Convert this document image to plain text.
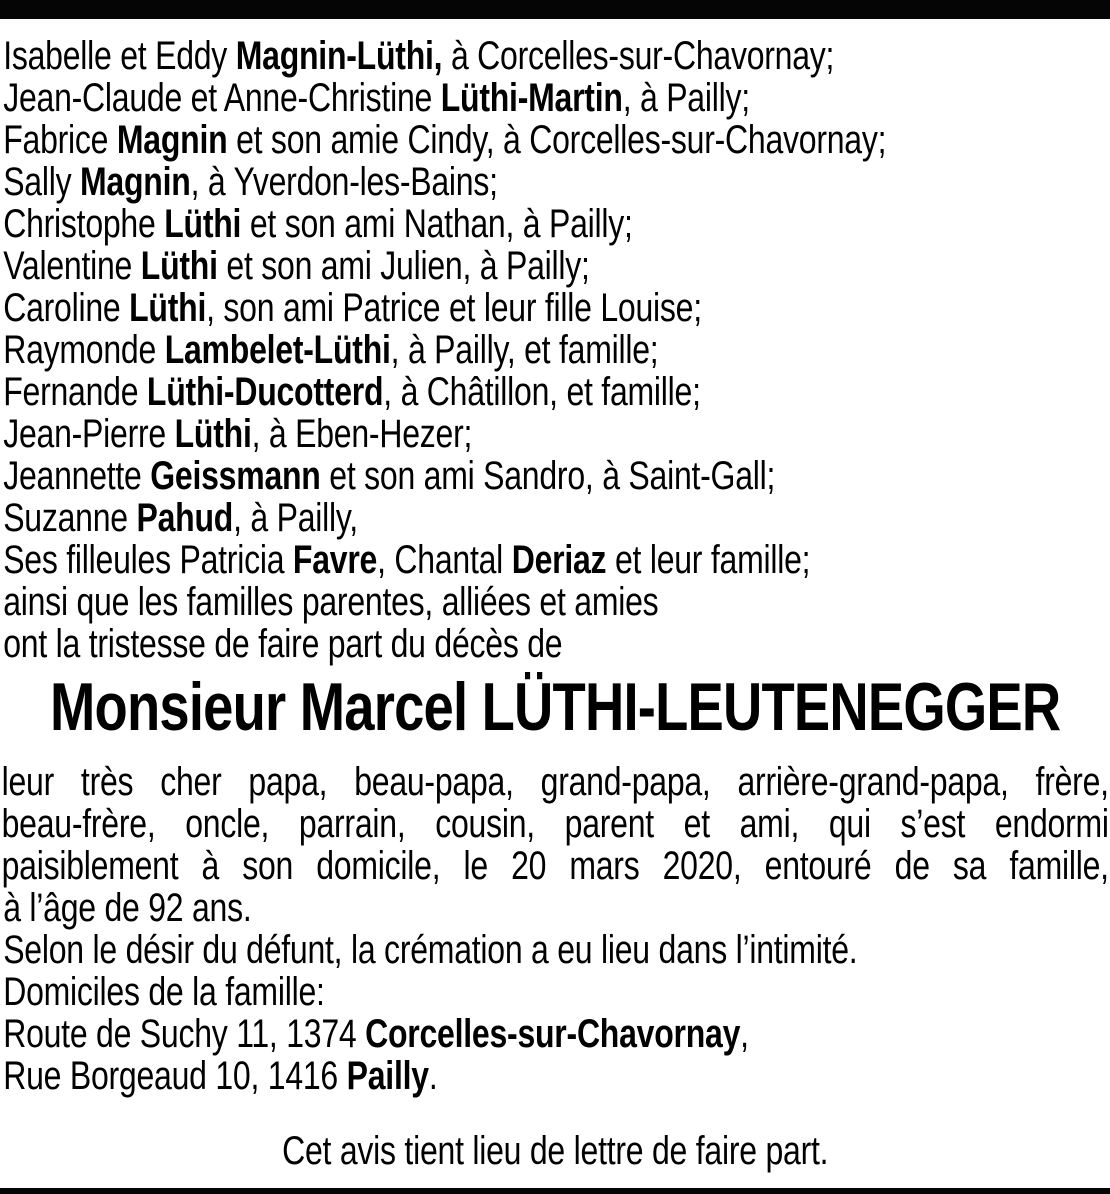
Isabelle et Eddy Magnin-Lüthi, à Corcelles-sur-Chavornay;
Jean-Claude et Anne-Christine Lüthi-Martin, à Pailly;
Fabrice Magnin et son amie Cindy, à Corcelles-sur-Chavornay;
Sally Magnin, à Yverdon-les-Bains;
Christophe Lüthi et son ami Nathan, à Pailly;
Valentine Lüthi et son ami Julien, à Pailly;
Caroline Lüthi, son ami Patrice et leur fille Louise;
Raymonde Lambelet-Lüthi, à Pailly, et famille;
Fernande Lüthi-Ducotterd, à Châtillon, et famille;
Jean-Pierre Lüthi, à Eben-Hezer;
Jeannette Geissmann et son ami Sandro, à Saint-Gall;
Suzanne Pahud, à Pailly,
Ses filleules Patricia Favre, Chantal Deriaz et leur famille;
ainsi que les familles parentes, alliées et amies
ont la tristesse de faire part du décès de
Monsieur Marcel LÜTHI-LEUTENEGGER
leur très cher papa, beau-papa, grand-papa, arrière-grand-papa, frère,
beau-frère, oncle, parrain, cousin, parent et ami, qui s’est endormi
paisiblement à son domicile, le 20 mars 2020, entouré de sa famille,
à l’âge de 92 ans.
Selon le désir du défunt, la crémation a eu lieu dans l’intimité.
Domiciles de la famille:
Route de Suchy 11, 1374 Corcelles-sur-Chavornay,
Rue Borgeaud 10, 1416 Pailly.
Cet avis tient lieu de lettre de faire part.
